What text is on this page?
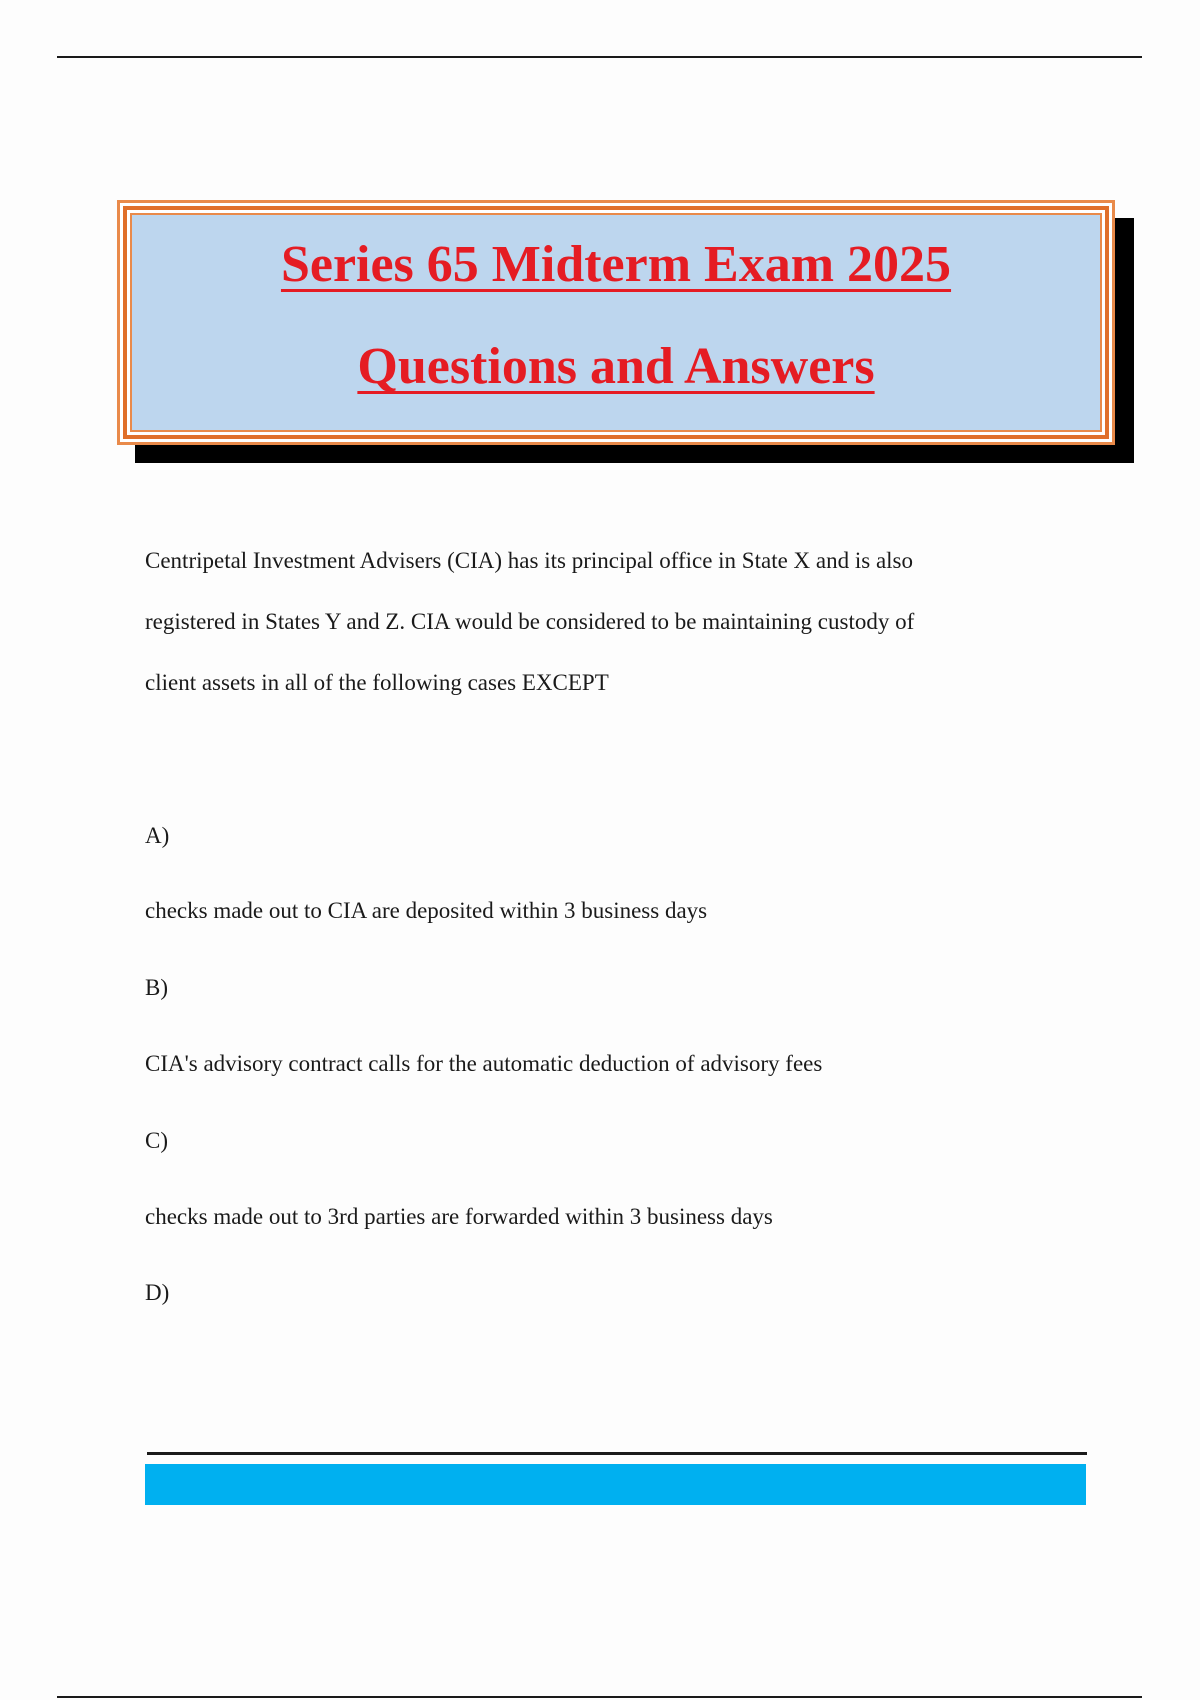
Series 65 Midterm Exam 2025
Questions and Answers
Centripetal Investment Advisers (CIA) has its principal office in State X and is also
registered in States Y and Z. CIA would be considered to be maintaining custody of
client assets in all of the following cases EXCEPT
A)
checks made out to CIA are deposited within 3 business days
B)
CIA's advisory contract calls for the automatic deduction of advisory fees
C)
checks made out to 3rd parties are forwarded within 3 business days
D)
